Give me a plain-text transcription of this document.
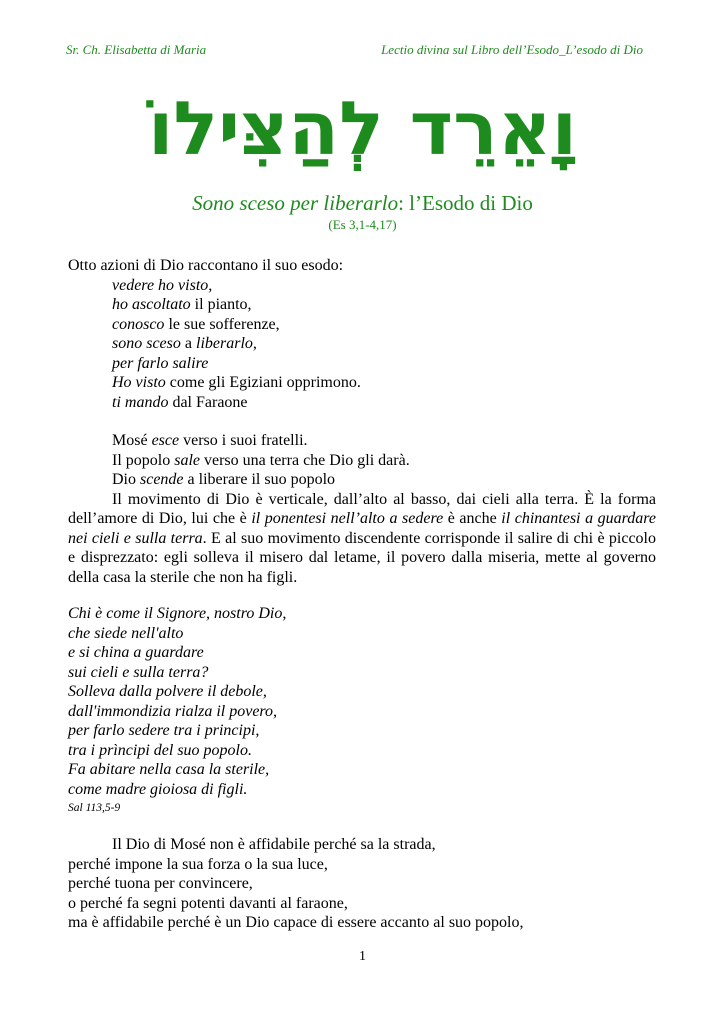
Sr. Ch. Elisabetta di Maria	Lectio divina sul Libro dell’Esodo_L’esodo di Dio
וָאֵרֵד לְהַצִּילוֹ
Sono sceso per liberarlo: l’Esodo di Dio
(Es 3,1-4,17)
Otto azioni di Dio raccontano il suo esodo:
vedere ho visto,
ho ascoltato il pianto,
conosco le sue sofferenze,
sono sceso a liberarlo,
per farlo salire
Ho visto come gli Egiziani opprimono.
ti mando dal Faraone
Mosé esce verso i suoi fratelli.
Il popolo sale verso una terra che Dio gli darà.
Dio scende a liberare il suo popolo
Il movimento di Dio è verticale, dall’alto al basso, dai cieli alla terra. È la forma dell’amore di Dio, lui che è il ponentesi nell’alto a sedere è anche il chinantesi a guardare nei cieli e sulla terra. E al suo movimento discendente corrisponde il salire di chi è piccolo e disprezzato: egli solleva il misero dal letame, il povero dalla miseria, mette al governo della casa la sterile che non ha figli.
Chi è come il Signore, nostro Dio,
che siede nell'alto
e si china a guardare
sui cieli e sulla terra?
Solleva dalla polvere il debole,
dall'immondizia rialza il povero,
per farlo sedere tra i principi,
tra i prìncipi del suo popolo.
Fa abitare nella casa la sterile,
come madre gioiosa di figli.
Sal 113,5-9
Il Dio di Mosé non è affidabile perché sa la strada,
perché impone la sua forza o la sua luce,
perché tuona per convincere,
o perché fa segni potenti davanti al faraone,
ma è affidabile perché è un Dio capace di essere accanto al suo popolo,
1
